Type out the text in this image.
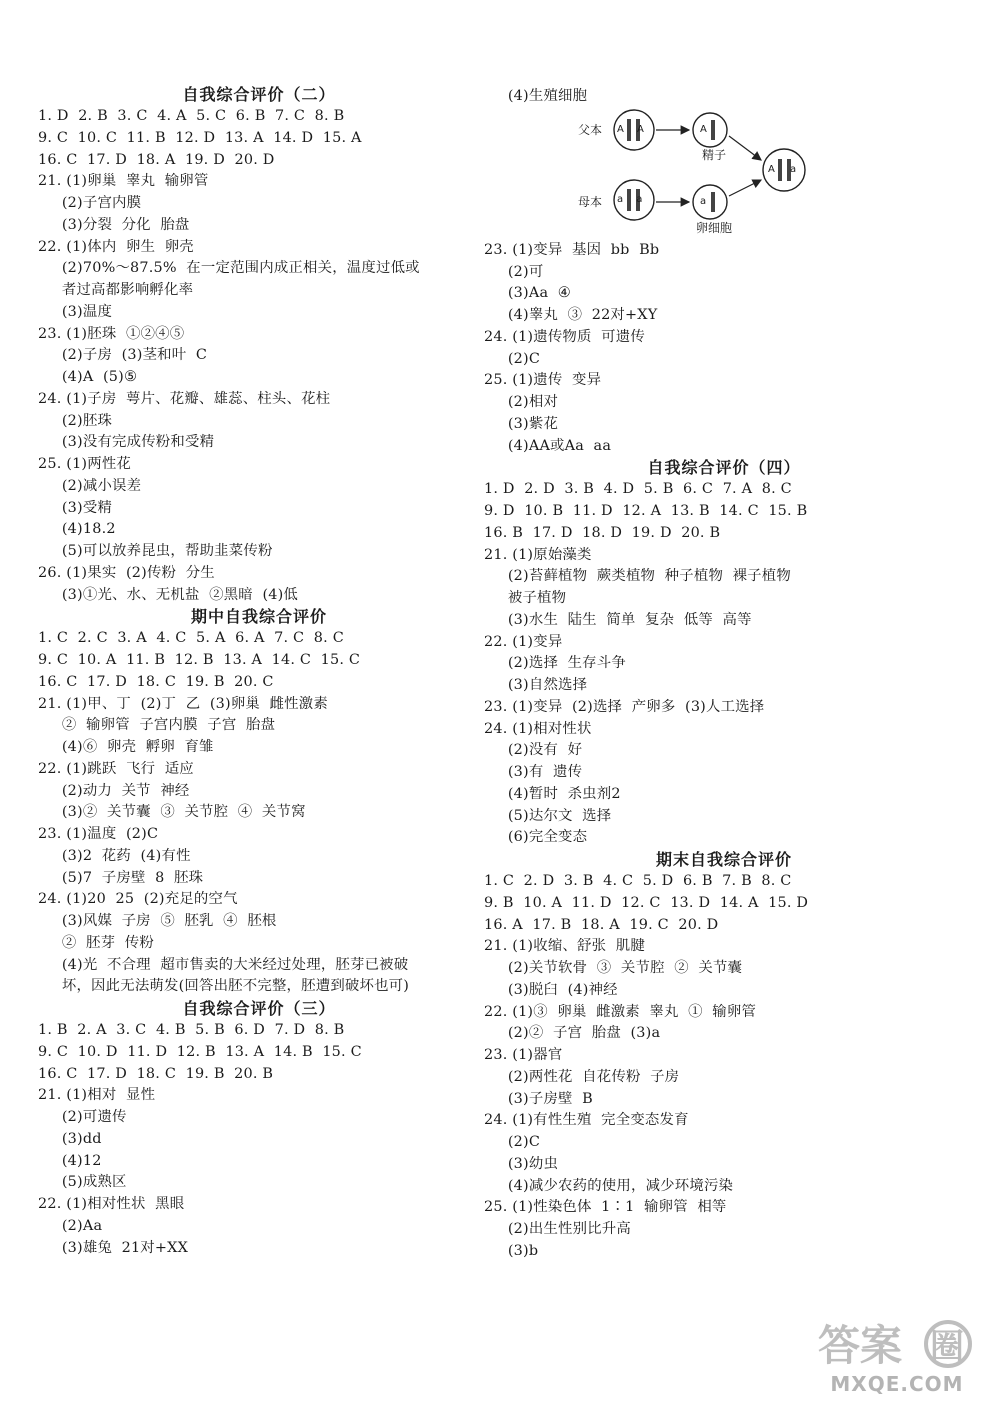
自我综合评价（二）
1. D  2. B  3. C  4. A  5. C  6. B  7. C  8. B
9. C  10. C  11. B  12. D  13. A  14. D  15. A
16. C  17. D  18. A  19. D  20. D
21. (1)卵巢  睾丸  输卵管
(2)子宫内膜
(3)分裂  分化  胎盘
22. (1)体内  卵生  卵壳
(2)70%～87.5%  在一定范围内成正相关，温度过低或
者过高都影响孵化率
(3)温度
23. (1)胚珠  ①②④⑤
(2)子房  (3)茎和叶  C
(4)A  (5)⑤
24. (1)子房  萼片、花瓣、雄蕊、柱头、花柱
(2)胚珠
(3)没有完成传粉和受精
25. (1)两性花
(2)减小误差
(3)受精
(4)18.2
(5)可以放养昆虫，帮助韭菜传粉
26. (1)果实  (2)传粉  分生
(3)①光、水、无机盐  ②黑暗  (4)低
期中自我综合评价
1. C  2. C  3. A  4. C  5. A  6. A  7. C  8. C
9. C  10. A  11. B  12. B  13. A  14. C  15. C
16. C  17. D  18. C  19. B  20. C
21. (1)甲、丁  (2)丁  乙  (3)卵巢  雌性激素
②  输卵管  子宫内膜  子宫  胎盘
(4)⑥  卵壳  孵卵  育雏
22. (1)跳跃  飞行  适应
(2)动力  关节  神经
(3)②  关节囊  ③  关节腔  ④  关节窝
23. (1)温度  (2)C
(3)2  花药  (4)有性
(5)7  子房壁  8  胚珠
24. (1)20  25  (2)充足的空气
(3)风媒  子房  ⑤  胚乳  ④  胚根
②  胚芽  传粉
(4)光  不合理  超市售卖的大米经过处理，胚芽已被破
坏，因此无法萌发(回答出胚不完整，胚遭到破坏也可)
自我综合评价（三）
1. B  2. A  3. C  4. B  5. B  6. D  7. D  8. B
9. C  10. D  11. D  12. B  13. A  14. B  15. C
16. C  17. D  18. C  19. B  20. B
21. (1)相对  显性
(2)可遗传
(3)dd
(4)12
(5)成熟区
22. (1)相对性状  黑眼
(2)Aa
(3)雄兔  21对+XX
(4)生殖细胞
父本
母本
精子
卵细胞
A A
a a
A
a
A a
23. (1)变异  基因  bb  Bb
(2)可
(3)Aa  ④
(4)睾丸  ③  22对+XY
24. (1)遗传物质  可遗传
(2)C
25. (1)遗传  变异
(2)相对
(3)紫花
(4)AA或Aa  aa
自我综合评价（四）
1. D  2. D  3. B  4. D  5. B  6. C  7. A  8. C
9. D  10. B  11. D  12. A  13. B  14. C  15. B
16. B  17. D  18. D  19. D  20. B
21. (1)原始藻类
(2)苔藓植物  蕨类植物  种子植物  裸子植物
被子植物
(3)水生  陆生  简单  复杂  低等  高等
22. (1)变异
(2)选择  生存斗争
(3)自然选择
23. (1)变异  (2)选择  产卵多  (3)人工选择
24. (1)相对性状
(2)没有  好
(3)有  遗传
(4)暂时  杀虫剂2
(5)达尔文  选择
(6)完全变态
期末自我综合评价
1. C  2. D  3. B  4. C  5. D  6. B  7. B  8. C
9. B  10. A  11. D  12. C  13. D  14. A  15. D
16. A  17. B  18. A  19. C  20. D
21. (1)收缩、舒张  肌腱
(2)关节软骨  ③  关节腔  ②  关节囊
(3)脱臼  (4)神经
22. (1)③  卵巢  雌激素  睾丸  ①  输卵管
(2)②  子宫  胎盘  (3)a
23. (1)器官
(2)两性花  自花传粉  子房
(3)子房壁  B
24. (1)有性生殖  完全变态发育
(2)C
(3)幼虫
(4)减少农药的使用，减少环境污染
25. (1)性染色体  1∶1  输卵管  相等
(2)出生性别比升高
(3)b
答案 圈
MXQE.COM
